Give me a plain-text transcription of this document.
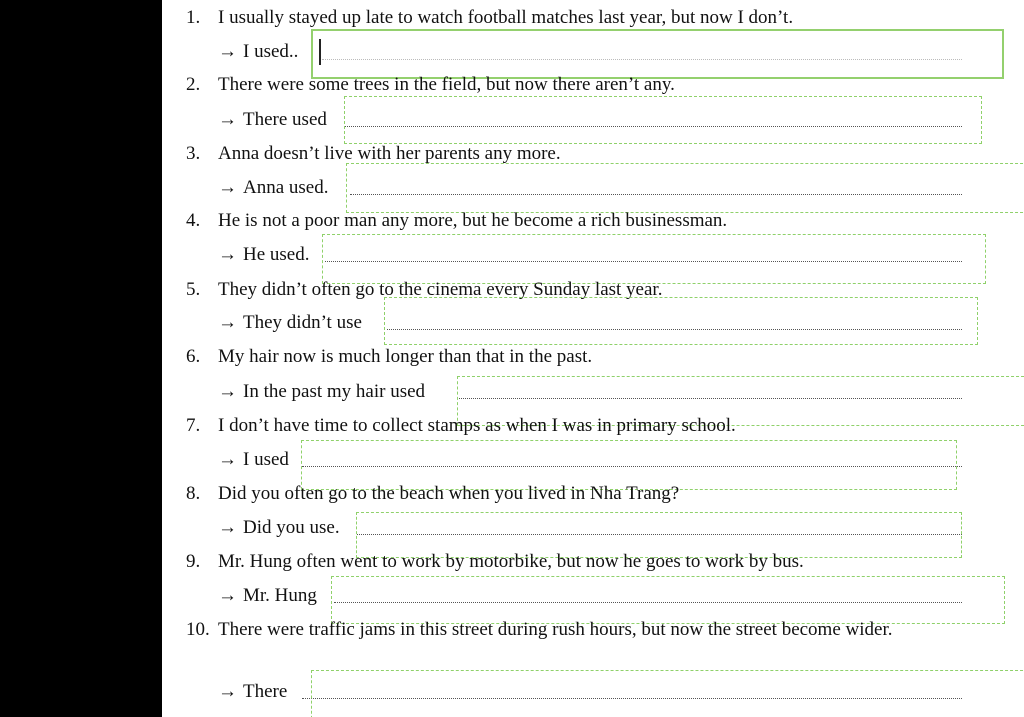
1. I usually stayed up late to watch football matches last year, but now I don’t.
→ I used..
2. There were some trees in the field, but now there aren’t any.
→ There used
3. Anna doesn’t live with her parents any more.
→ Anna used.
4. He is not a poor man any more, but he become a rich businessman.
→ He used.
5. They didn’t often go to the cinema every Sunday last year.
→ They didn’t use
6. My hair now is much longer than that in the past.
→ In the past my hair used
7. I don’t have time to collect stamps as when I was in primary school.
→ I used
8. Did you often go to the beach when you lived in Nha Trang?
→ Did you use.
9. Mr. Hung often went to work by motorbike, but now he goes to work by bus.
→ Mr. Hung
10. There were traffic jams in this street during rush hours, but now the street become wider.
→ There
